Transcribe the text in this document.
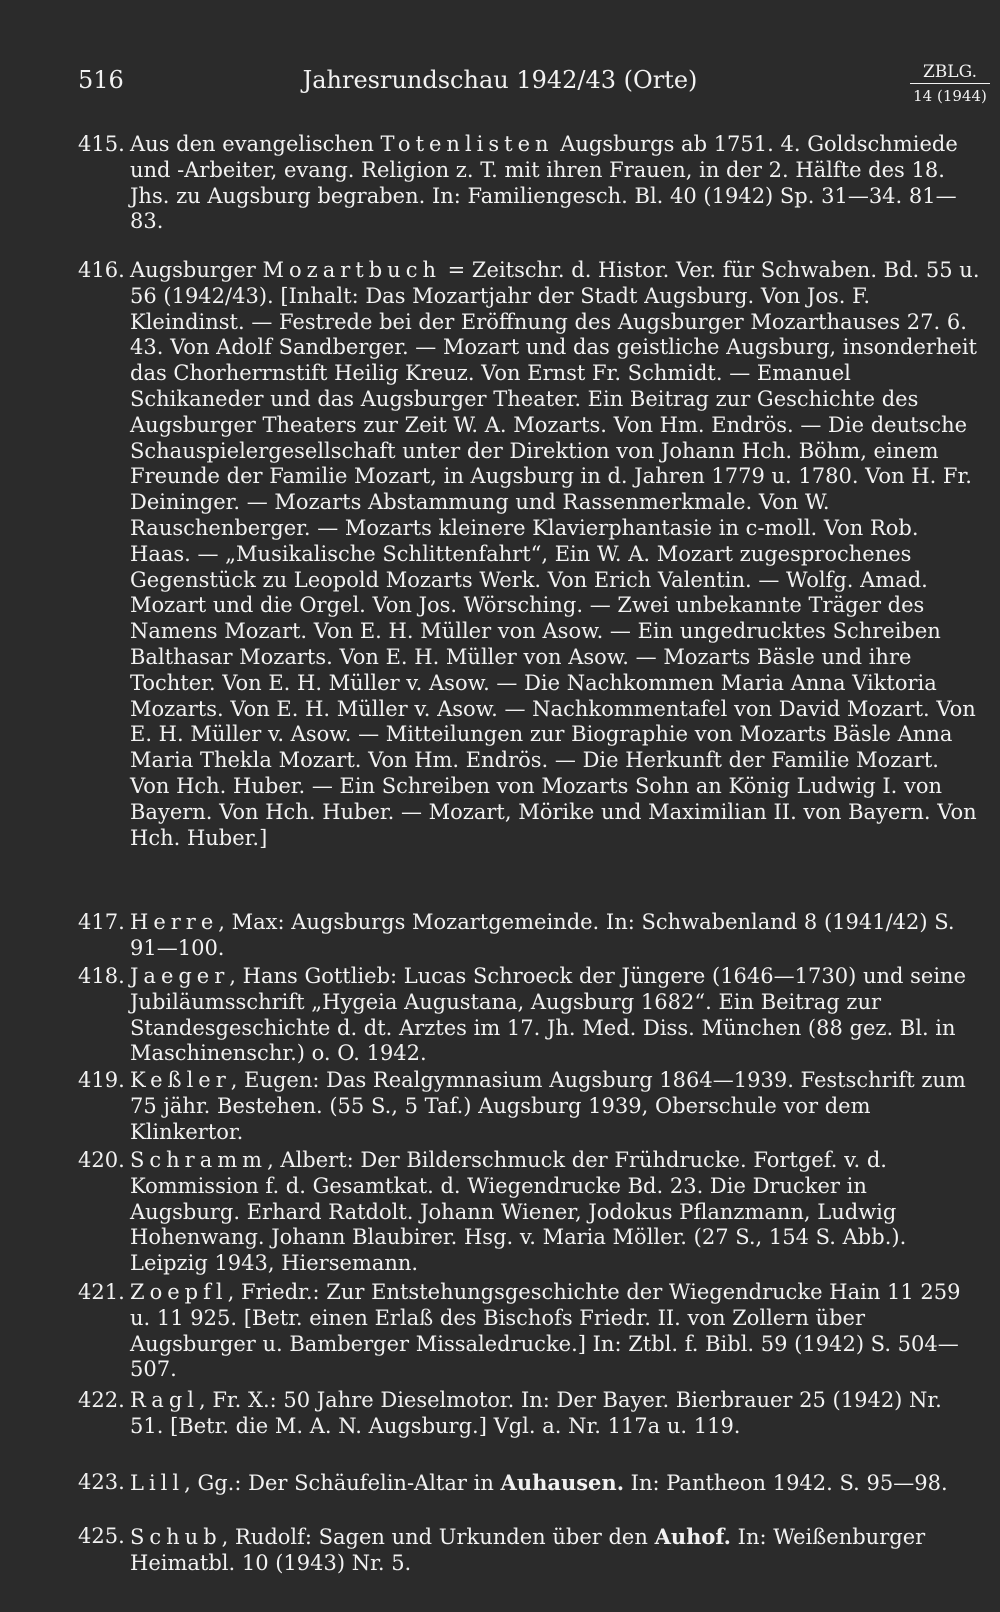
516	Jahresrundschau 1942/43 (Orte)	ZBLG.
14 (1944)

415. Aus den evangelischen Totenlisten Augsburgs ab 1751. 4. Goldschmiede und -Arbeiter, evang. Religion z. T. mit ihren Frauen, in der 2. Hälfte des 18. Jhs. zu Augsburg begraben. In: Familiengesch. Bl. 40 (1942) Sp. 31—34. 81—83.

416. Augsburger Mozartbuch = Zeitschr. d. Histor. Ver. für Schwaben. Bd. 55 u. 56 (1942/43). [Inhalt: Das Mozartjahr der Stadt Augsburg. Von Jos. F. Kleindinst. — Festrede bei der Eröffnung des Augsburger Mozarthauses 27. 6. 43. Von Adolf Sandberger. — Mozart und das geistliche Augsburg, insonderheit das Chorherrnstift Heilig Kreuz. Von Ernst Fr. Schmidt. — Emanuel Schikaneder und das Augsburger Theater. Ein Beitrag zur Geschichte des Augsburger Theaters zur Zeit W. A. Mozarts. Von Hm. Endrös. — Die deutsche Schauspielergesellschaft unter der Direktion von Johann Hch. Böhm, einem Freunde der Familie Mozart, in Augsburg in d. Jahren 1779 u. 1780. Von H. Fr. Deininger. — Mozarts Abstammung und Rassenmerkmale. Von W. Rauschenberger. — Mozarts kleinere Klavierphantasie in c-moll. Von Rob. Haas. — „Musikalische Schlittenfahrt“, Ein W. A. Mozart zugesprochenes Gegenstück zu Leopold Mozarts Werk. Von Erich Valentin. — Wolfg. Amad. Mozart und die Orgel. Von Jos. Wörsching. — Zwei unbekannte Träger des Namens Mozart. Von E. H. Müller von Asow. — Ein ungedrucktes Schreiben Balthasar Mozarts. Von E. H. Müller von Asow. — Mozarts Bäsle und ihre Tochter. Von E. H. Müller v. Asow. — Die Nachkommen Maria Anna Viktoria Mozarts. Von E. H. Müller v. Asow. — Nachkommentafel von David Mozart. Von E. H. Müller v. Asow. — Mitteilungen zur Biographie von Mozarts Bäsle Anna Maria Thekla Mozart. Von Hm. Endrös. — Die Herkunft der Familie Mozart. Von Hch. Huber. — Ein Schreiben von Mozarts Sohn an König Ludwig I. von Bayern. Von Hch. Huber. — Mozart, Mörike und Maximilian II. von Bayern. Von Hch. Huber.]

417. Herre, Max: Augsburgs Mozartgemeinde. In: Schwabenland 8 (1941/42) S. 91—100.

418. Jaeger, Hans Gottlieb: Lucas Schroeck der Jüngere (1646—1730) und seine Jubiläumsschrift „Hygeia Augustana, Augsburg 1682“. Ein Beitrag zur Standesgeschichte d. dt. Arztes im 17. Jh. Med. Diss. München (88 gez. Bl. in Maschinenschr.) o. O. 1942.

419. Keßler, Eugen: Das Realgymnasium Augsburg 1864—1939. Festschrift zum 75 jähr. Bestehen. (55 S., 5 Taf.) Augsburg 1939, Oberschule vor dem Klinkertor.

420. Schramm, Albert: Der Bilderschmuck der Frühdrucke. Fortgef. v. d. Kommission f. d. Gesamtkat. d. Wiegendrucke Bd. 23. Die Drucker in Augsburg. Erhard Ratdolt. Johann Wiener, Jodokus Pflanzmann, Ludwig Hohenwang. Johann Blaubirer. Hsg. v. Maria Möller. (27 S., 154 S. Abb.). Leipzig 1943, Hiersemann.

421. Zoepfl, Friedr.: Zur Entstehungsgeschichte der Wiegendrucke Hain 11 259 u. 11 925. [Betr. einen Erlaß des Bischofs Friedr. II. von Zollern über Augsburger u. Bamberger Missaledrucke.] In: Ztbl. f. Bibl. 59 (1942) S. 504—507.

422. Ragl, Fr. X.: 50 Jahre Dieselmotor. In: Der Bayer. Bierbrauer 25 (1942) Nr. 51. [Betr. die M. A. N. Augsburg.] Vgl. a. Nr. 117a u. 119.

423. Lill, Gg.: Der Schäufelin-Altar in Auhausen. In: Pantheon 1942. S. 95—98.

425. Schub, Rudolf: Sagen und Urkunden über den Auhof. In: Weißenburger Heimatbl. 10 (1943) Nr. 5.
